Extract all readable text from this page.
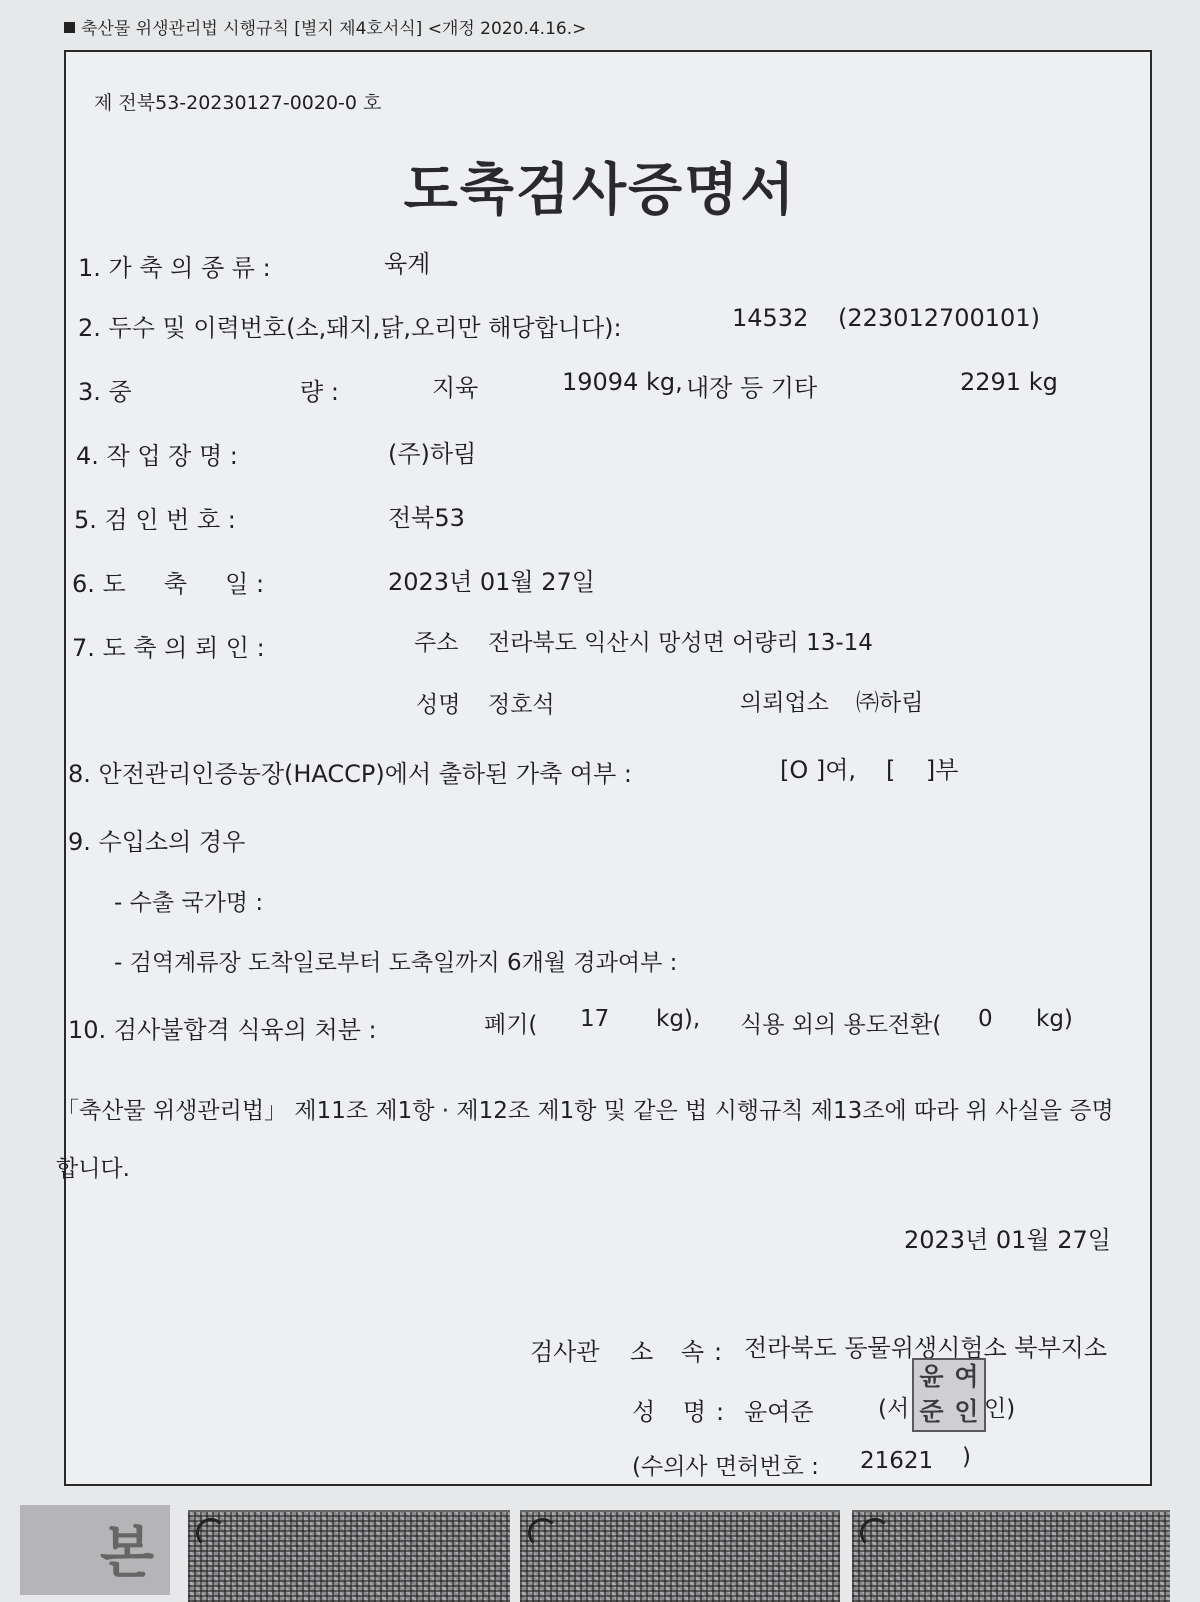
축산물 위생관리법 시행규칙 [별지 제4호서식] <개정 2020.4.16.>
제 전북53-20230127-0020-0 호
도축검사증명서
1. 가 축 의 종 류 :	육계
2. 두수 및 이력번호(소,돼지,닭,오리만 해당합니다):	14532 (223012700101)
3. 중	량 :	지육	19094 kg, 내장 등 기타	2291 kg
4. 작 업 장 명 :	(주)하림
5. 검 인 번 호 :	전북53
6. 도     축     일 :	2023년 01월 27일
7. 도 축 의 뢰 인 :	주소 전라북도 익산시 망성면 어량리 13-14
성명 정호석	의뢰업소 ㈜하림
8. 안전관리인증농장(HACCP)에서 출하된 가축 여부 :	[O ]여, [    ]부
9. 수입소의 경우
- 수출 국가명 :
- 검역계류장 도착일로부터 도축일까지 6개월 경과여부 :
10. 검사불합격 식육의 처분 :	폐기( 17 kg), 식용 외의 용도전환( 0 kg)
「축산물 위생관리법」 제11조 제1항 · 제12조 제1항 및 같은 법 시행규칙 제13조에 따라 위 사실을 증명
합니다.
2023년 01월 27일
검사관 소 속: 전라북도 동물위생시험소 북부지소
성 명: 윤여준	(서	인)
윤 여
준 인
(수의사 면허번호 : 21621 )
본
